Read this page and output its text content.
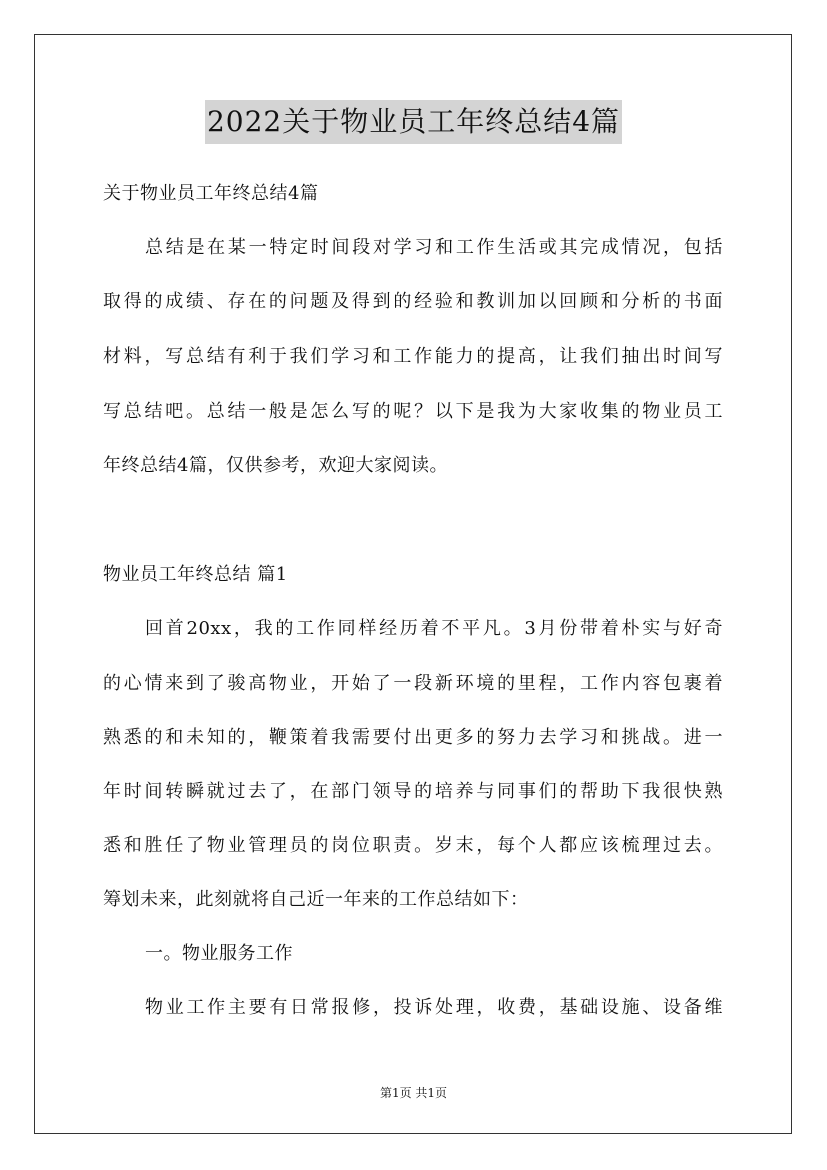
2022关于物业员工年终总结4篇
关于物业员工年终总结4篇
总结是在某一特定时间段对学习和工作生活或其完成情况，包括
取得的成绩、存在的问题及得到的经验和教训加以回顾和分析的书面
材料，写总结有利于我们学习和工作能力的提高，让我们抽出时间写
写总结吧。总结一般是怎么写的呢？以下是我为大家收集的物业员工
年终总结4篇，仅供参考，欢迎大家阅读。
物业员工年终总结 篇1
回首20xx，我的工作同样经历着不平凡。3月份带着朴实与好奇
的心情来到了骏高物业，开始了一段新环境的里程，工作内容包裹着
熟悉的和未知的，鞭策着我需要付出更多的努力去学习和挑战。进一
年时间转瞬就过去了，在部门领导的培养与同事们的帮助下我很快熟
悉和胜任了物业管理员的岗位职责。岁末，每个人都应该梳理过去。
筹划未来，此刻就将自己近一年来的工作总结如下：
一。物业服务工作
物业工作主要有日常报修，投诉处理，收费，基础设施、设备维
第1页 共1页
